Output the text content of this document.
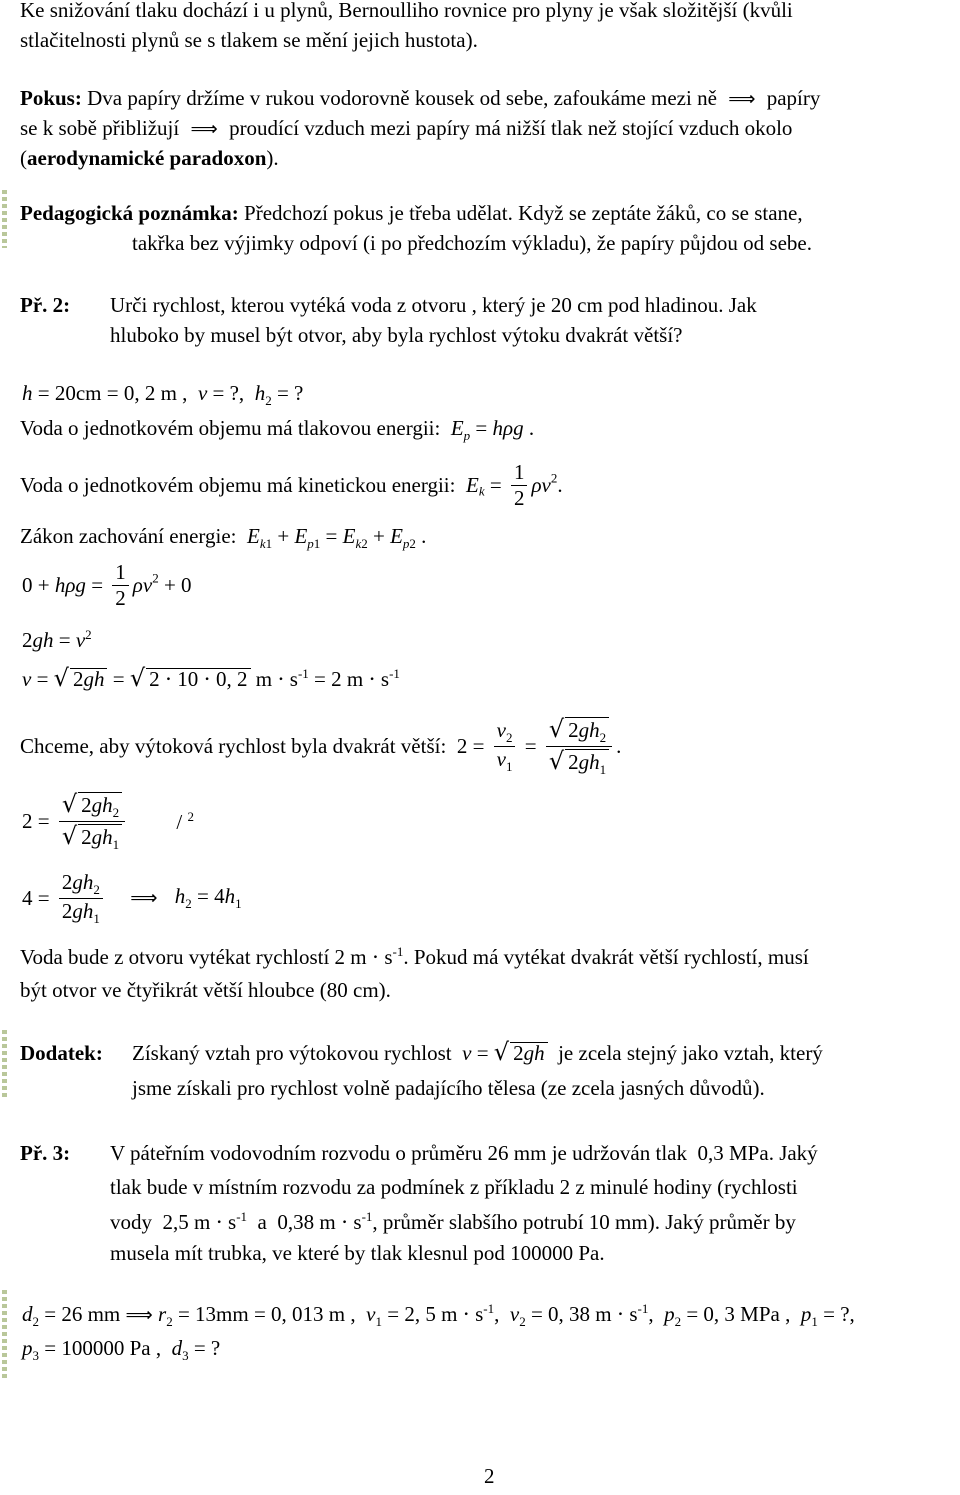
Ke snižování tlaku dochází i u plynů, Bernoulliho rovnice pro plyny je však složitější (kvůli
stlačitelnosti plynů se s tlakem se mění jejich hustota).
Pokus: Dva papíry držíme v rukou vodorovně kousek od sebe, zafoukáme mezi ně  ⟹  papíry
se k sobě přibližují  ⟹  proudící vzduch mezi papíry má nižší tlak než stojící vzduch okolo
(aerodynamické paradoxon).
Pedagogická poznámka: Předchozí pokus je třeba udělat. Když se zeptáte žáků, co se stane,
takřka bez výjimky odpoví (i po předchozím výkladu), že papíry půjdou od sebe.
Př. 2: Urči rychlost, kterou vytéká voda z otvoru , který je 20 cm pod hladinou. Jak
hluboko by musel být otvor, aby byla rychlost výtoku dvakrát větší?
h = 20cm = 0, 2 m ,  v = ?,  $h_2$ = ?
Voda o jednotkovém objemu má tlakovou energii: $E_p = h\rho g$ .
Voda o jednotkovém objemu má kinetickou energii: $E_k = \frac{1}{2} \rho v^2$.
Zákon zachování energie: $E_{k1} + E_{p1} = E_{k2} + E_{p2}$ .
$0 + h\rho g = \frac{1}{2} \rho v^2 + 0$
$2gh = v^2$
v = √ 2gh = √ 2 ⋅ 10 ⋅ 0, 2 $m \cdot s^{-1} = 2$ $m \cdot s^{-1}$
Chceme, aby výtoková rychlost byla dvakrát větší:  $2 = \frac{v_2}{v_1} = \frac{√ 2gh_2}{√ 2gh_1}$ .
$2 = \frac{√ 2gh_2}{√ 2gh_1} / ^2$
$4 = \frac{2gh_2}{2gh_1}$ ⟹   $h_2 = 4h_1$
Voda bude z otvoru vytékat rychlostí 2 $m \cdot s^{-1}$. Pokud má vytékat dvakrát větší rychlostí, musí
být otvor ve čtyřikrát větší hloubce (80 cm).
Dodatek: Získaný vztah pro výtokovou rychlost v = √ 2gh je zcela stejný jako vztah, který
jsme získali pro rychlost volně padajícího tělesa (ze zcela jasných důvodů).
Př. 3: V páteřním vodovodním rozvodu o průměru 26 mm je udržován tlak 0,3 MPa. Jaký
tlak bude v místním rozvodu za podmínek z příkladu 2 z minulé hodiny (rychlosti
vody 2,5 $m \cdot s^{-1}$ a 0,38 $m \cdot s^{-1}$, průměr slabšího potrubí 10 mm). Jaký průměr by
musela mít trubka, ve které by tlak klesnul pod 100000 Pa.
$d_2 = 26$ mm ⟹ $r_2 = 13mm = 0$, 013 m ,  $v_1 = 2$, 5 $m \cdot s^{-1}$,  $v_2 = 0$, 38 $m \cdot s^{-1}$,  $p_2 = 0$, 3 MPa ,  $p_1$ = ?,
$p_3 = 100000$ Pa ,  $d_3$ = ?
2
